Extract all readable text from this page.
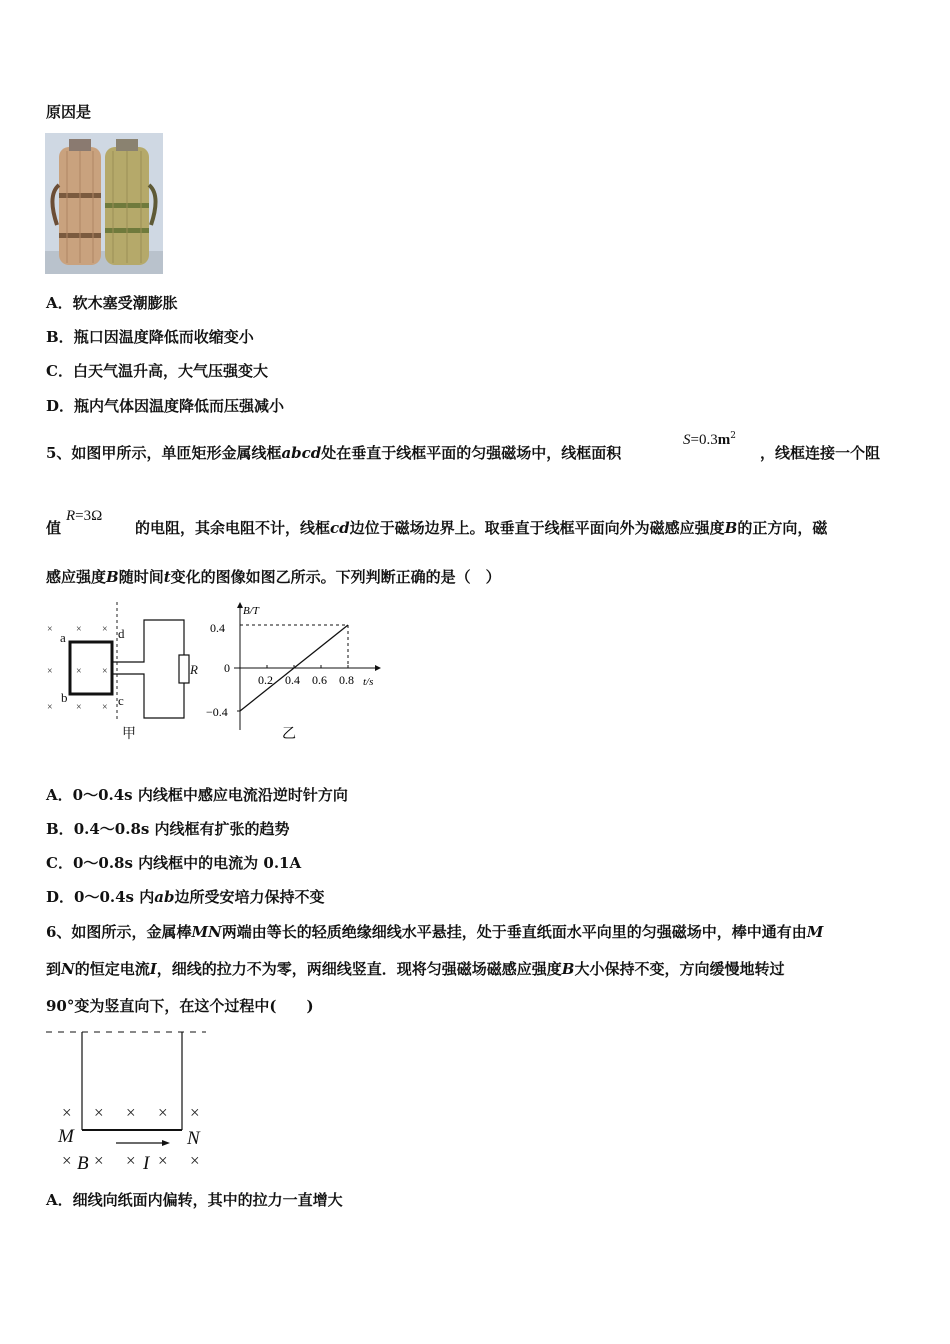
原因是
A．软木塞受潮膨胀
B．瓶口因温度降低而收缩变小
C．白天气温升高，大气压强变大
D．瓶内气体因温度降低而压强减小
5、如图甲所示，单匝矩形金属线框abcd处在垂直于线框平面的匀强磁场中，线框面积
$S=0.3m^2$
，线框连接一个阻
R=3Ω
值	的电阻，其余电阻不计，线框cd边位于磁场边界上。取垂直于线框平面向外为磁感应强度B的正方向，磁
感应强度B随时间t变化的图像如图乙所示。下列判断正确的是（　）
× × ×
× × ×
× × ×
a
b	c
d
R
甲
B/T
t/s
0.4
0
−0.4
0.2 0.4 0.6 0.8
乙
A．0～0.4s 内线框中感应电流沿逆时针方向
B．0.4～0.8s 内线框有扩张的趋势
C．0～0.8s 内线框中的电流为 0.1A
D．0～0.4s 内ab边所受安培力保持不变
6、如图所示，金属棒MN两端由等长的轻质绝缘细线水平悬挂，处于垂直纸面水平向里的匀强磁场中，棒中通有由M
到N的恒定电流I，细线的拉力不为零，两细线竖直．现将匀强磁场磁感应强度B大小保持不变，方向缓慢地转过
90°变为竖直向下，在这个过程中(　　)
× × × × ×
× × × × ×
M	N
B	I
A．细线向纸面内偏转，其中的拉力一直增大
